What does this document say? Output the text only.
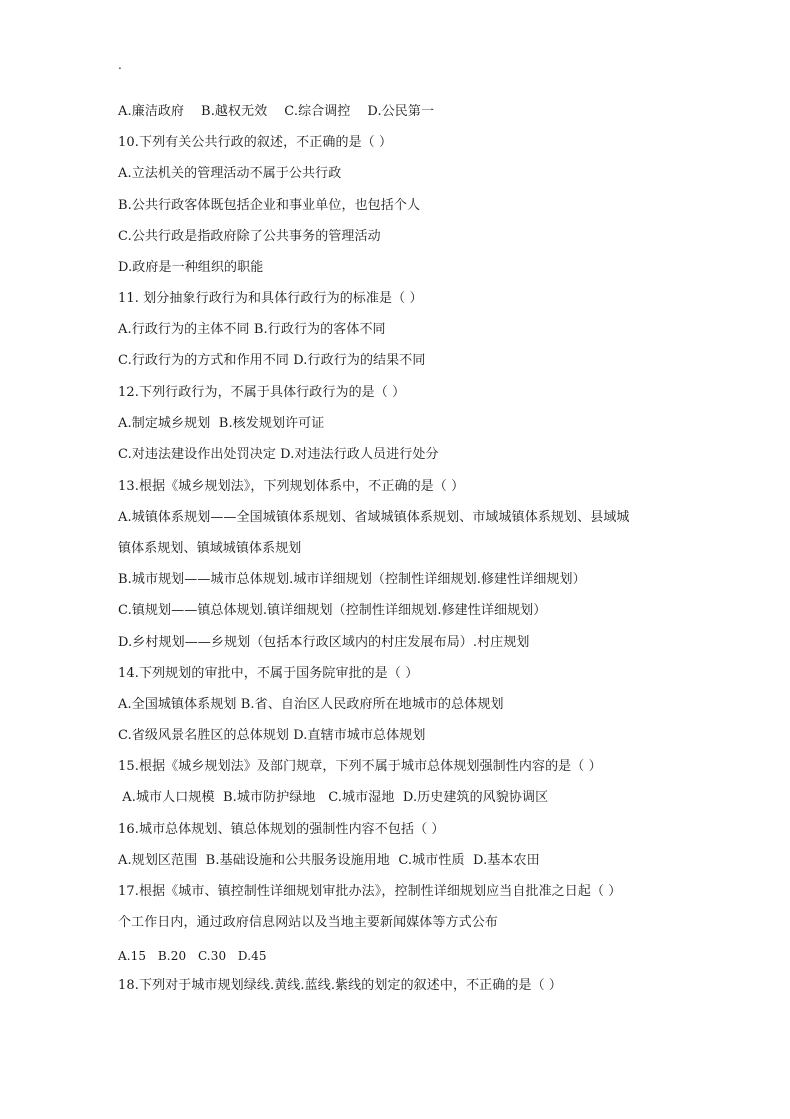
.
A.廉洁政府    B.越权无效    C.综合调控    D.公民第一
10.下列有关公共行政的叙述，不正确的是（ ）
A.立法机关的管理活动不属于公共行政
B.公共行政客体既包括企业和事业单位，也包括个人
C.公共行政是指政府除了公共事务的管理活动
D.政府是一种组织的职能
11. 划分抽象行政行为和具体行政行为的标准是（ ）
A.行政行为的主体不同 B.行政行为的客体不同
C.行政行为的方式和作用不同 D.行政行为的结果不同
12.下列行政行为，不属于具体行政行为的是（ ）
A.制定城乡规划  B.核发规划许可证
C.对违法建设作出处罚决定 D.对违法行政人员进行处分
13.根据《城乡规划法》，下列规划体系中，不正确的是（ ）
A.城镇体系规划——全国城镇体系规划、省域城镇体系规划、市域城镇体系规划、县域城
镇体系规划、镇域城镇体系规划
B.城市规划——城市总体规划.城市详细规划（控制性详细规划.修建性详细规划）
C.镇规划——镇总体规划.镇详细规划（控制性详细规划.修建性详细规划）
D.乡村规划——乡规划（包括本行政区域内的村庄发展布局）.村庄规划
14.下列规划的审批中，不属于国务院审批的是（ ）
A.全国城镇体系规划 B.省、自治区人民政府所在地城市的总体规划
C.省级风景名胜区的总体规划 D.直辖市城市总体规划
15.根据《城乡规划法》及部门规章，下列不属于城市总体规划强制性内容的是（ ）
A.城市人口规模  B.城市防护绿地   C.城市湿地  D.历史建筑的风貌协调区
16.城市总体规划、镇总体规划的强制性内容不包括（ ）
A.规划区范围  B.基础设施和公共服务设施用地  C.城市性质  D.基本农田
17.根据《城市、镇控制性详细规划审批办法》，控制性详细规划应当自批准之日起（ ）
个工作日内，通过政府信息网站以及当地主要新闻媒体等方式公布
A.15   B.20   C.30   D.45
18.下列对于城市规划绿线.黄线.蓝线.紫线的划定的叙述中，不正确的是（ ）
